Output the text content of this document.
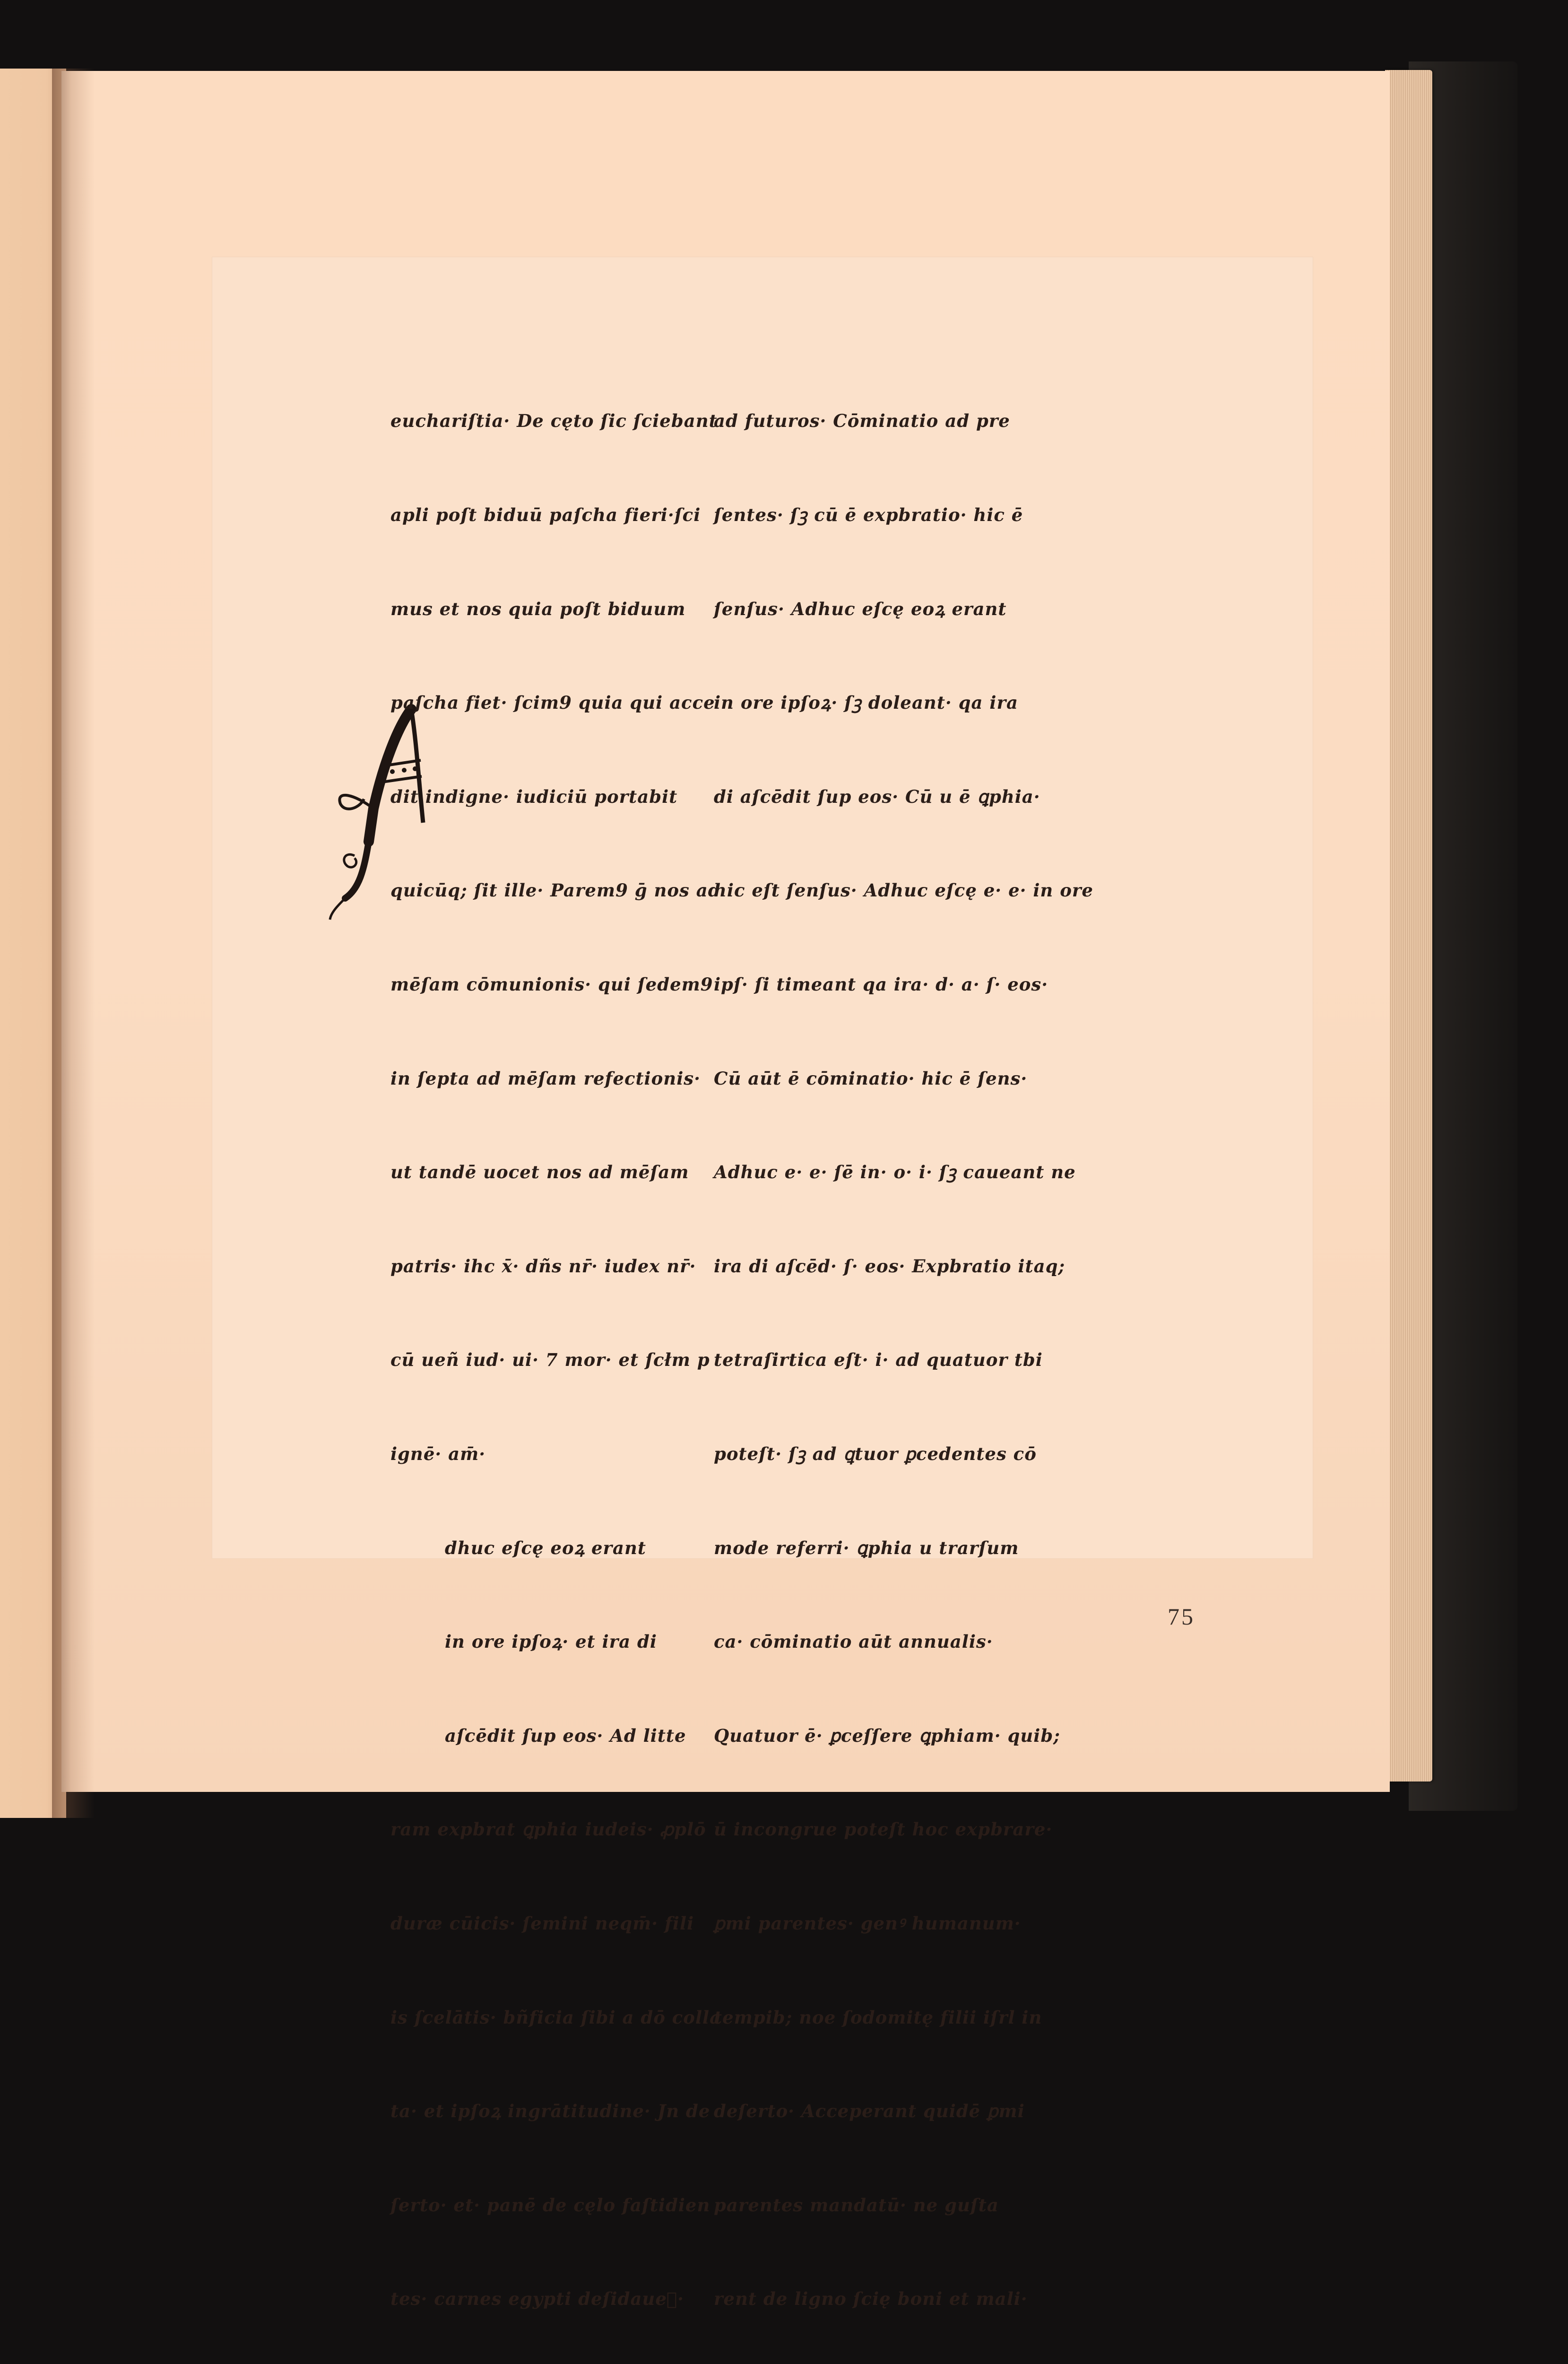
euchariſtia· De cęto ſic ſciebant

apli poſt biduū paſcha fieri·ſci

mus et nos quia poſt biduum

paſcha fiet· ſcim9 quia qui acce

dit indigne· iudiciū portabit

quicūq; ſit ille· Parem9 ḡ nos ad

mēſam cōmunionis· qui ſedem9

in ſepta ad mēſam refectionis·

ut tandē uocet nos ad mēſam

patris· ihc x̄· dñs nr̄· iudex nr̄·

cū ueñ iud· ui· 7 mor· et ſcłm p

ignē· am̄·

dhuc eſcę eoꝝ erant

in ore ipſoꝝ· et ira di

aſcēdit ſup eos· Ad litte

ram expbrat ꝗphia iudeis· ꝓplō

duræ cūicis· ſemini neqm̄· fili

is ſcelātis· bñficia ſibi a dō colla

ta· et ipſoꝝ ingrātitudine· Jn de

ſerto· et· panē de cęlo faſtidien

tes· carnes egypti deſidaueᷓ·

ad futuros· Cōminatio ad pre

ſentes· ſꝫ cū ē expbratio· hic ē

ſenſus· Adhuc eſcę eoꝝ erant

in ore ipſoꝝ· ſꝫ doleant· qa ira

di aſcēdit ſup eos· Cū u ē ꝗphia·

hic eſt ſenſus· Adhuc eſcę e· e· in ore

ipſ· ſi timeant qa ira· d· a· ſ· eos·

Cū aūt ē cōminatio· hic ē ſens·

Adhuc e· e· ſē in· o· i· ſꝫ caueant ne

ira di aſcēd· ſ· eos· Expbratio itaq;

tetraſirtica eſt· i· ad quatuor tbi

poteſt· ſꝫ ad ꝗtuor ꝑcedentes cō

mode referri· ꝗphia u trarſum

ca· cōminatio aūt annualis·

Quatuor ē· ꝑceſſere ꝗphiam· quib;

ū incongrue poteſt hoc expbrare·

ꝑmi parentes· genꝰ humanum·

tempib; noe ſodomitę filii iſrl in

deſerto· Acceperant quidē ꝑmi

parentes mandatū· ne guſta

rent de ligno ſcię boni et mali·

75
